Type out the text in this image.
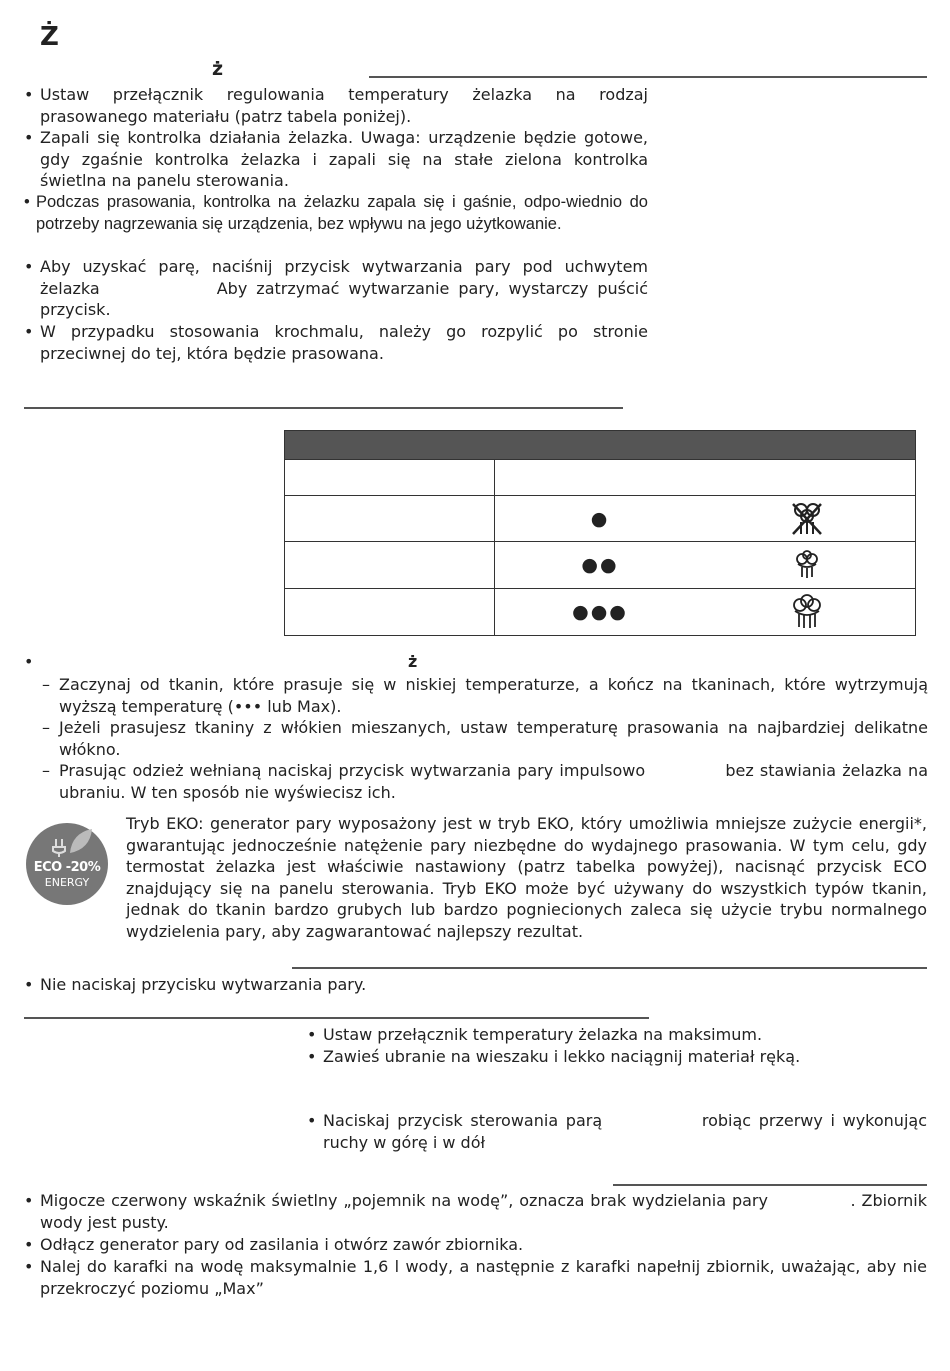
Ż
ż
• Ustaw przełącznik regulowania temperatury żelazka na rodzaj prasowanego materiału (patrz tabela poniżej).
• Zapali się kontrolka działania żelazka. Uwaga: urządzenie będzie gotowe, gdy zgaśnie kontrolka żelazka i zapali się na stałe zielona kontrolka świetlna na panelu sterowania.
• Podczas prasowania, kontrolka na żelazku zapala się i gaśnie, odpo-wiednio do potrzeby nagrzewania się urządzenia, bez wpływu na jego użytkowanie.
• Aby uzyskać parę, naciśnij przycisk wytwarzania pary pod uchwytem żelazka             Aby zatrzymać wytwarzanie pary, wystarczy puścić przycisk.
• W przypadku stosowania krochmalu, należy go rozpylić po stronie przeciwnej do tej, która będzie prasowana.

	●	

	●●	

	●●●	
•	ż
– Zaczynaj od tkanin, które prasuje się w niskiej temperaturze, a kończ na tkaninach, które wytrzymują wyższą temperaturę (••• lub Max).
– Jeżeli prasujesz tkaniny z włókien mieszanych, ustaw temperaturę prasowania na najbardziej delikatne włókno.
– Prasując odzież wełnianą naciskaj przycisk wytwarzania pary impulsowo             bez stawiania żelazka na ubraniu. W ten sposób nie wyświecisz ich.
ECO -20%
ENERGY
Tryb EKO: generator pary wyposażony jest w tryb EKO, który umożliwia mniejsze zużycie energii*, gwarantując jednocześnie natężenie pary niezbędne do wydajnego prasowania. W tym celu, gdy termostat żelazka jest właściwie nastawiony (patrz tabelka powyżej), nacisnąć przycisk ECO znajdujący się na panelu sterowania. Tryb EKO może być używany do wszystkich typów tkanin, jednak do tkanin bardzo grubych lub bardzo pogniecionych zaleca się użycie trybu normalnego wydzielenia pary, aby zagwarantować najlepszy rezultat.
• Nie naciskaj przycisku wytwarzania pary.
• Ustaw przełącznik temperatury żelazka na maksimum.
• Zawieś ubranie na wieszaku i lekko naciągnij materiał ręką.
• Naciskaj przycisk sterowania parą             robiąc przerwy i wykonując ruchy w górę i w dół
• Migocze czerwony wskaźnik świetlny „pojemnik na wodę”, oznacza brak wydzielania pary              . Zbiornik wody jest pusty.
• Odłącz generator pary od zasilania i otwórz zawór zbiornika.
• Nalej do karafki na wodę maksymalnie 1,6 l wody, a następnie z karafki napełnij zbiornik, uważając, aby nie przekroczyć poziomu „Max”
